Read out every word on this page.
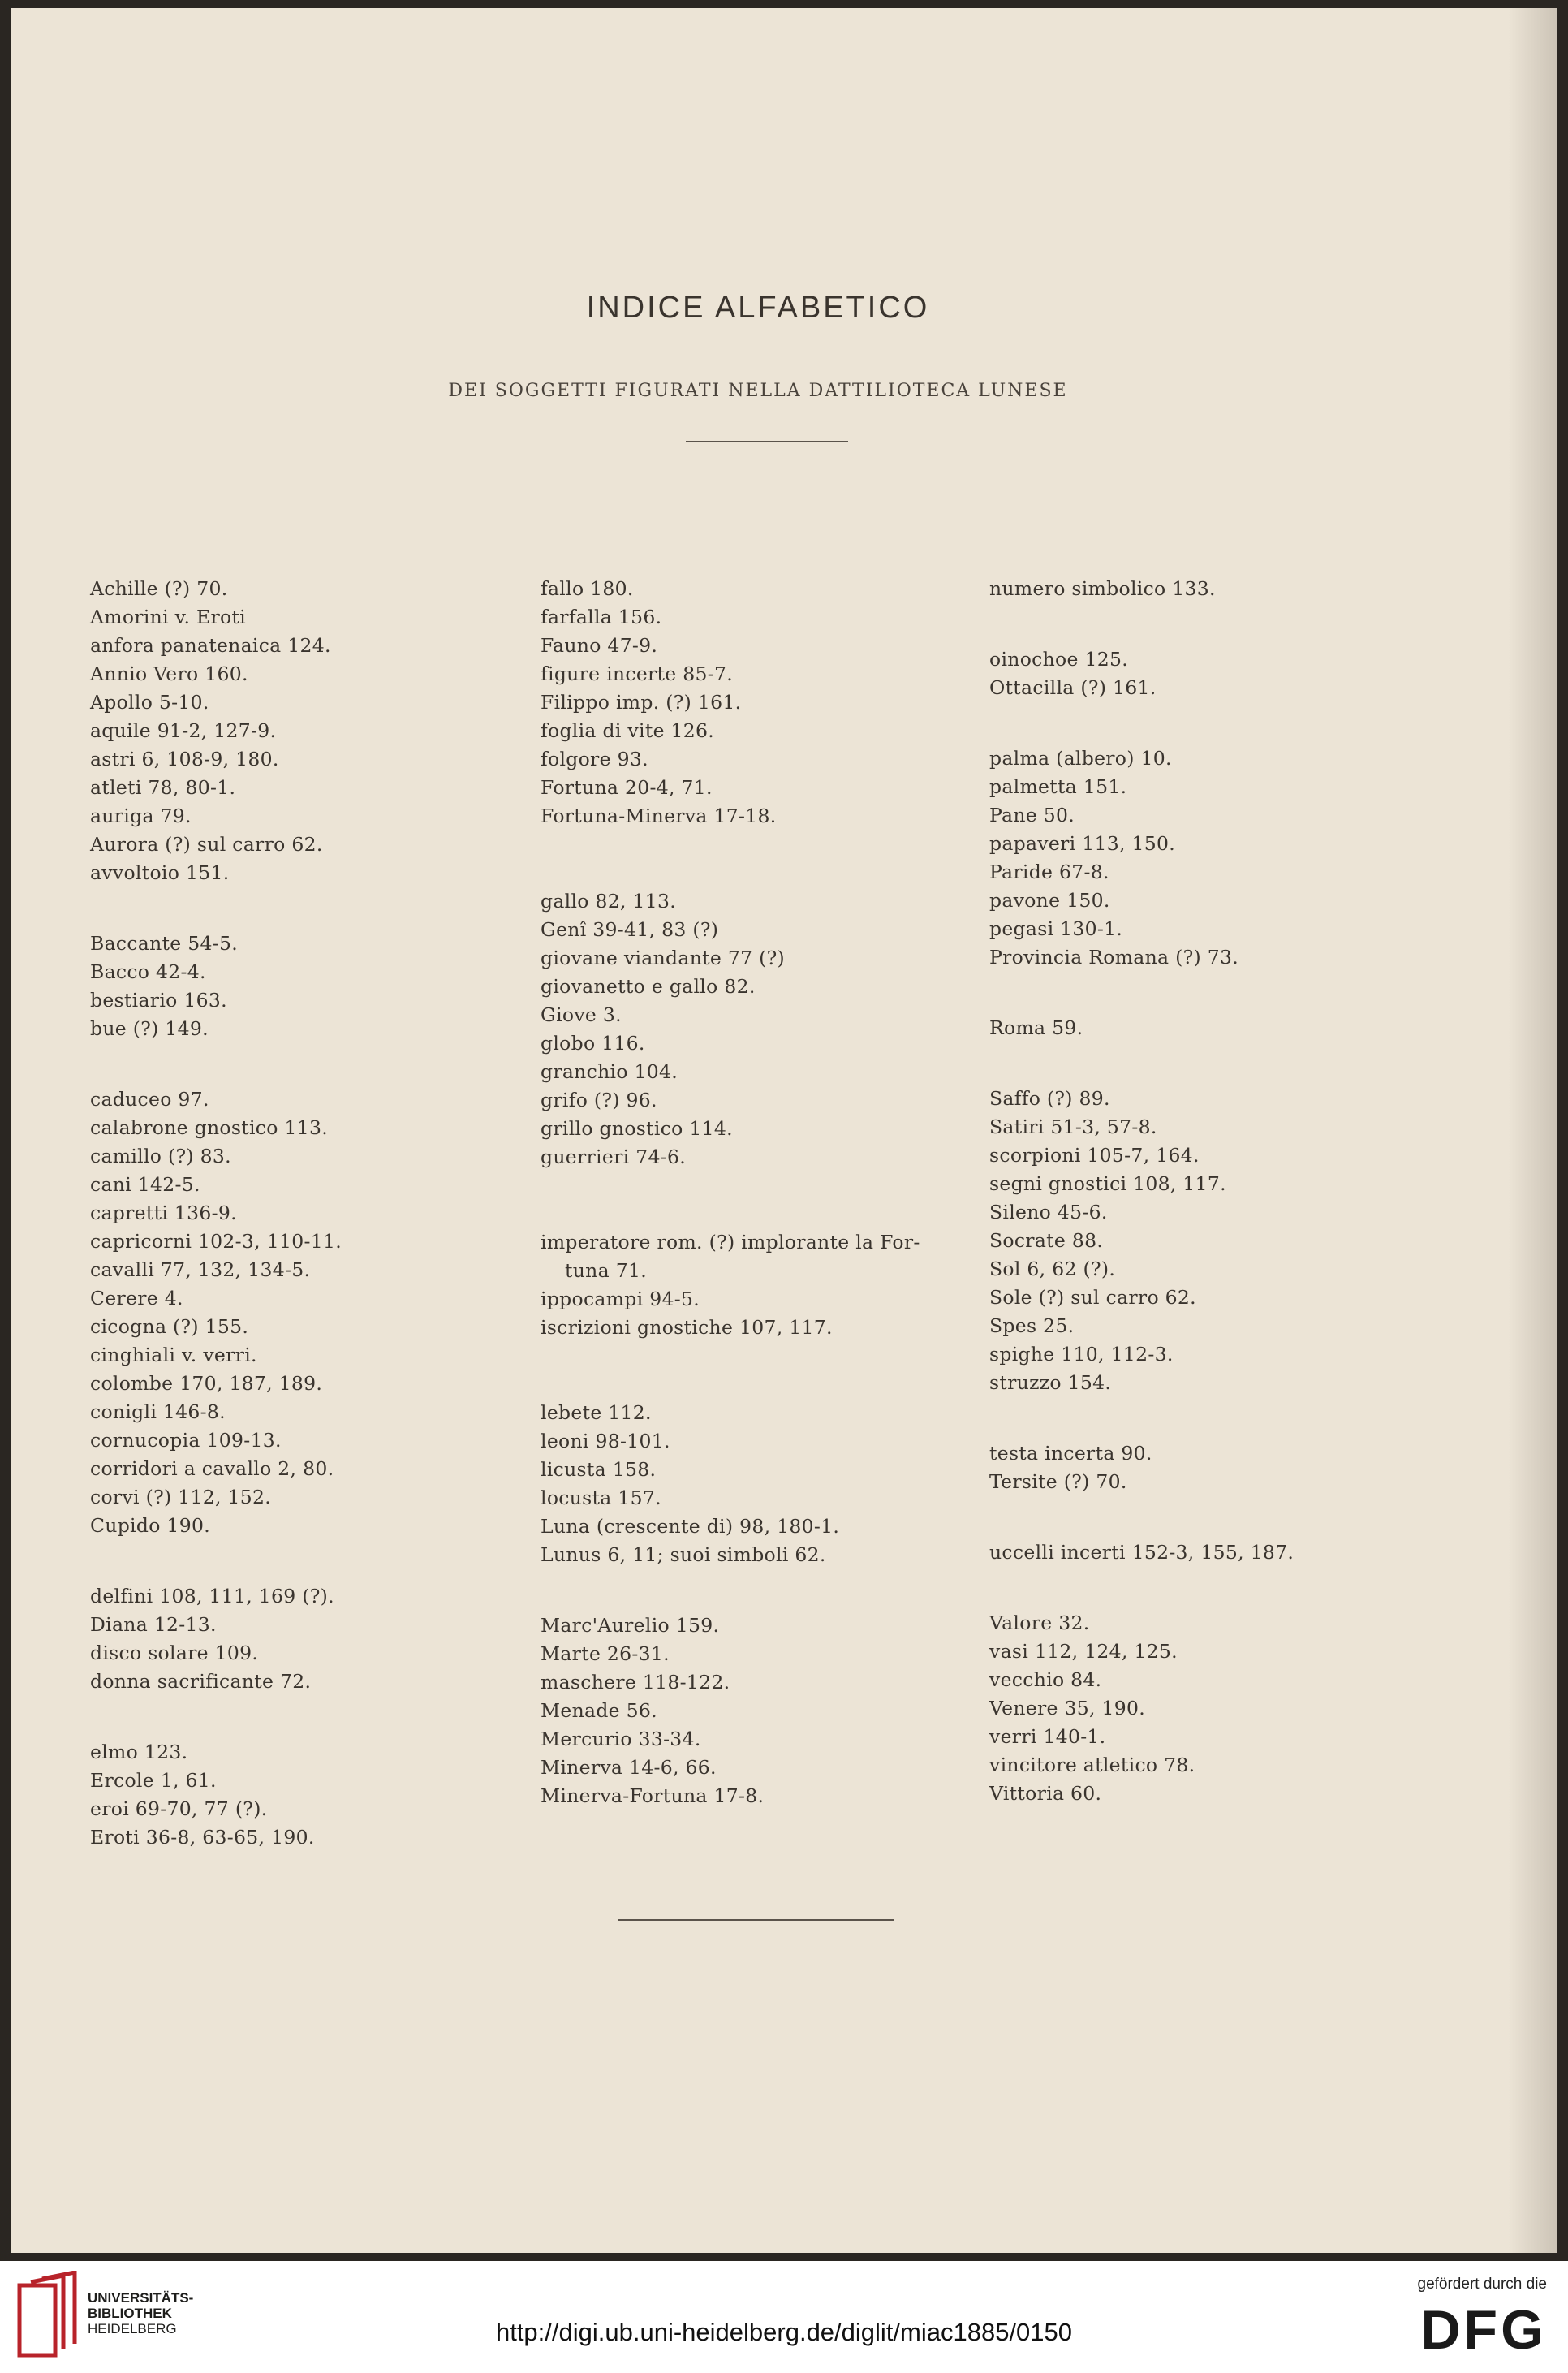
INDICE ALFABETICO
DEI SOGGETTI FIGURATI NELLA DATTILIOTECA LUNESE
Achille (?) 70.
Amorini v. Eroti
anfora panatenaica 124.
Annio Vero 160.
Apollo 5-10.
aquile 91-2, 127-9.
astri 6, 108-9, 180.
atleti 78, 80-1.
auriga 79.
Aurora (?) sul carro 62.
avvoltoio 151.
Baccante 54-5.
Bacco 42-4.
bestiario 163.
bue (?) 149.
caduceo 97.
calabrone gnostico 113.
camillo (?) 83.
cani 142-5.
capretti 136-9.
capricorni 102-3, 110-11.
cavalli 77, 132, 134-5.
Cerere 4.
cicogna (?) 155.
cinghiali v. verri.
colombe 170, 187, 189.
conigli 146-8.
cornucopia 109-13.
corridori a cavallo 2, 80.
corvi (?) 112, 152.
Cupido 190.
delfini 108, 111, 169 (?).
Diana 12-13.
disco solare 109.
donna sacrificante 72.
elmo 123.
Ercole 1, 61.
eroi 69-70, 77 (?).
Eroti 36-8, 63-65, 190.
fallo 180.
farfalla 156.
Fauno 47-9.
figure incerte 85-7.
Filippo imp. (?) 161.
foglia di vite 126.
folgore 93.
Fortuna 20-4, 71.
Fortuna-Minerva 17-18.
gallo 82, 113.
Genî 39-41, 83 (?)
giovane viandante 77 (?)
giovanetto e gallo 82.
Giove 3.
globo 116.
granchio 104.
grifo (?) 96.
grillo gnostico 114.
guerrieri 74-6.
imperatore rom. (?) implorante la For-
tuna 71.
ippocampi 94-5.
iscrizioni gnostiche 107, 117.
lebete 112.
leoni 98-101.
licusta 158.
locusta 157.
Luna (crescente di) 98, 180-1.
Lunus 6, 11; suoi simboli 62.
Marc'Aurelio 159.
Marte 26-31.
maschere 118-122.
Menade 56.
Mercurio 33-34.
Minerva 14-6, 66.
Minerva-Fortuna 17-8.
numero simbolico 133.
oinochoe 125.
Ottacilla (?) 161.
palma (albero) 10.
palmetta 151.
Pane 50.
papaveri 113, 150.
Paride 67-8.
pavone 150.
pegasi 130-1.
Provincia Romana (?) 73.
Roma 59.
Saffo (?) 89.
Satiri 51-3, 57-8.
scorpioni 105-7, 164.
segni gnostici 108, 117.
Sileno 45-6.
Socrate 88.
Sol 6, 62 (?).
Sole (?) sul carro 62.
Spes 25.
spighe 110, 112-3.
struzzo 154.
testa incerta 90.
Tersite (?) 70.
uccelli incerti 152-3, 155, 187.
Valore 32.
vasi 112, 124, 125.
vecchio 84.
Venere 35, 190.
verri 140-1.
vincitore atletico 78.
Vittoria 60.
UNIVERSITÄTS-
BIBLIOTHEK
HEIDELBERG	http://digi.ub.uni-heidelberg.de/diglit/miac1885/0150
gefördert durch die
DFG
